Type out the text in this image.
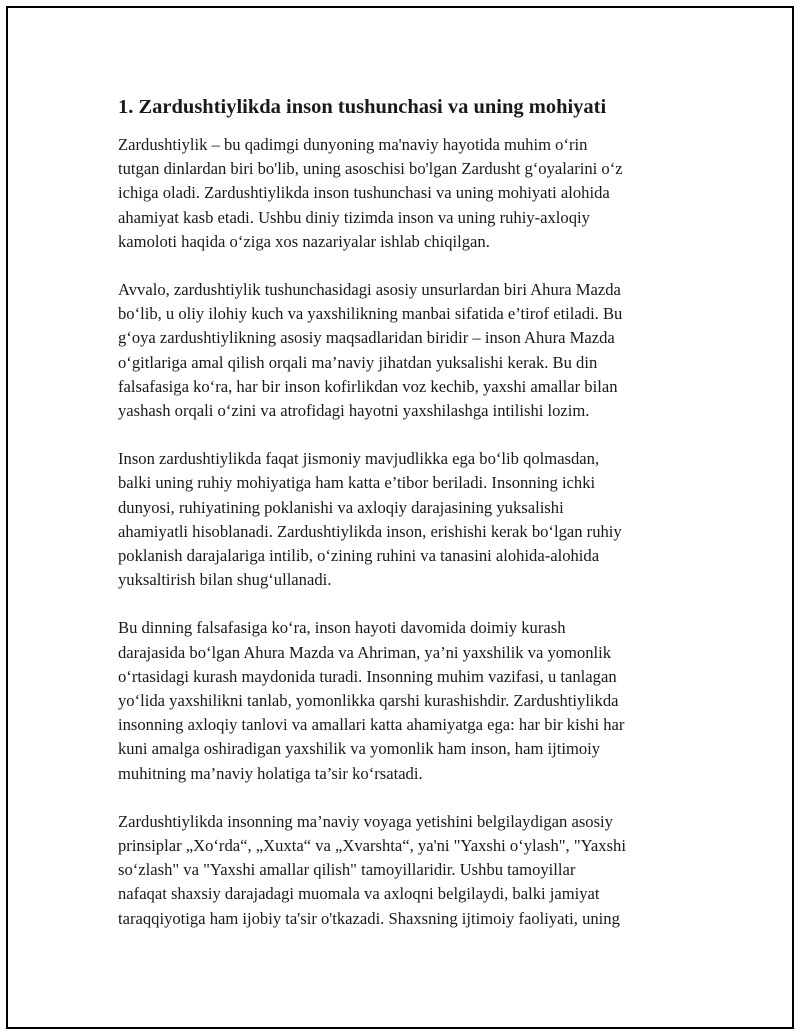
1. Zardushtiylikda inson tushunchasi va uning mohiyati

Zardushtiylik – bu qadimgi dunyoning ma'naviy hayotida muhim o‘rin
tutgan dinlardan biri bo'lib, uning asoschisi bo'lgan Zardusht g‘oyalarini o‘z
ichiga oladi. Zardushtiylikda inson tushunchasi va uning mohiyati alohida
ahamiyat kasb etadi. Ushbu diniy tizimda inson va uning ruhiy-axloqiy
kamoloti haqida o‘ziga xos nazariyalar ishlab chiqilgan.

Avvalo, zardushtiylik tushunchasidagi asosiy unsurlardan biri Ahura Mazda
bo‘lib, u oliy ilohiy kuch va yaxshilikning manbai sifatida e’tirof etiladi. Bu
g‘oya zardushtiylikning asosiy maqsadlaridan biridir – inson Ahura Mazda
o‘gitlariga amal qilish orqali ma’naviy jihatdan yuksalishi kerak. Bu din
falsafasiga ko‘ra, har bir inson kofirlikdan voz kechib, yaxshi amallar bilan
yashash orqali o‘zini va atrofidagi hayotni yaxshilashga intilishi lozim.

Inson zardushtiylikda faqat jismoniy mavjudlikka ega bo‘lib qolmasdan,
balki uning ruhiy mohiyatiga ham katta e’tibor beriladi. Insonning ichki
dunyosi, ruhiyatining poklanishi va axloqiy darajasining yuksalishi
ahamiyatli hisoblanadi. Zardushtiylikda inson, erishishi kerak bo‘lgan ruhiy
poklanish darajalariga intilib, o‘zining ruhini va tanasini alohida-alohida
yuksaltirish bilan shug‘ullanadi.

Bu dinning falsafasiga ko‘ra, inson hayoti davomida doimiy kurash
darajasida bo‘lgan Ahura Mazda va Ahriman, ya’ni yaxshilik va yomonlik
o‘rtasidagi kurash maydonida turadi. Insonning muhim vazifasi, u tanlagan
yo‘lida yaxshilikni tanlab, yomonlikka qarshi kurashishdir. Zardushtiylikda
insonning axloqiy tanlovi va amallari katta ahamiyatga ega: har bir kishi har
kuni amalga oshiradigan yaxshilik va yomonlik ham inson, ham ijtimoiy
muhitning ma’naviy holatiga ta’sir ko‘rsatadi.

Zardushtiylikda insonning ma’naviy voyaga yetishini belgilaydigan asosiy
prinsiplar „Xo‘rda“, „Xuxta“ va „Xvarshta“, ya'ni "Yaxshi o‘ylash", "Yaxshi
so‘zlash" va "Yaxshi amallar qilish" tamoyillaridir. Ushbu tamoyillar
nafaqat shaxsiy darajadagi muomala va axloqni belgilaydi, balki jamiyat
taraqqiyotiga ham ijobiy ta'sir o'tkazadi. Shaxsning ijtimoiy faoliyati, uning
